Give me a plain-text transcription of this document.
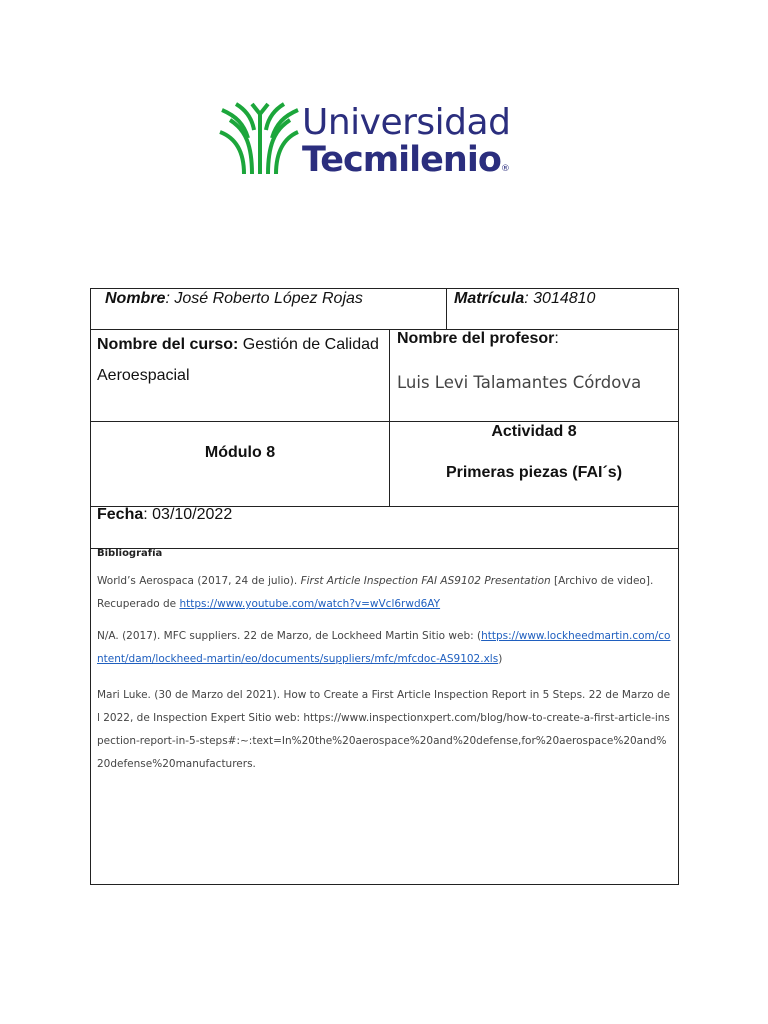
Universidad
Tecmilenio®
Nombre: José Roberto López Rojas	Matrícula: 3014810
Nombre del curso: Gestión de Calidad Aeroespacial
Nombre del profesor:
Luis Levi Talamantes Córdova
Módulo 8
Actividad 8
Primeras piezas (FAI´s)
Fecha: 03/10/2022
Bibliografía

World’s Aerospaca (2017, 24 de julio). First Article Inspection FAI AS9102 Presentation [Archivo de video]. Recuperado de https://www.youtube.com/watch?v=wVcl6rwd6AY

N/A. (2017). MFC suppliers. 22 de Marzo, de Lockheed Martin Sitio web: (https://www.lockheedmartin.com/content/dam/lockheed-martin/eo/documents/suppliers/mfc/mfcdoc-AS9102.xls)

Mari Luke. (30 de Marzo del 2021). How to Create a First Article Inspection Report in 5 Steps. 22 de Marzo del 2022, de Inspection Expert Sitio web: https://www.inspectionxpert.com/blog/how-to-create-a-first-article-inspection-report-in-5-steps#:~:text=In%20the%20aerospace%20and%20defense,for%20aerospace%20and%20defense%20manufacturers.
